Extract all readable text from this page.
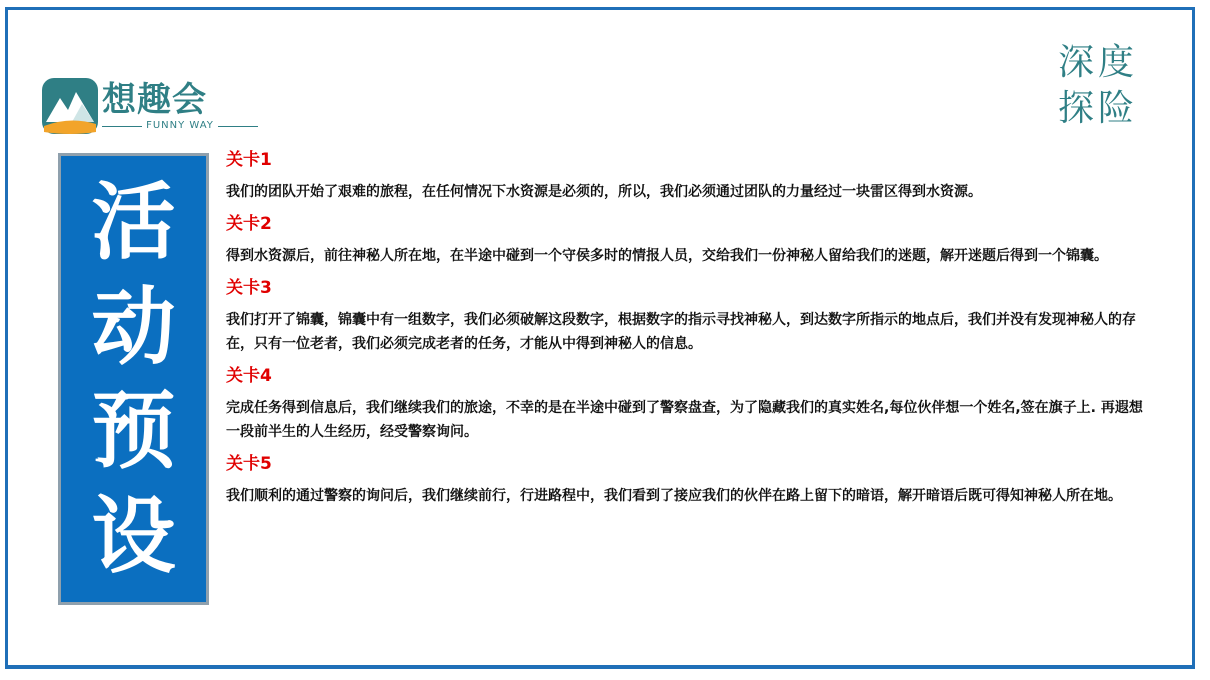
想趣会
FUNNY WAY
深度
探险
活
动
预
设
关卡1
我们的团队开始了艰难的旅程，在任何情况下水资源是必须的，所以，我们必须通过团队的力量经过一块雷区得到水资源。
关卡2
得到水资源后，前往神秘人所在地，在半途中碰到一个守侯多时的情报人员，交给我们一份神秘人留给我们的迷题，解开迷题后得到一个锦囊。
关卡3
我们打开了锦囊，锦囊中有一组数字，我们必须破解这段数字，根据数字的指示寻找神秘人，到达数字所指示的地点后，我们并没有发现神秘人的存在，只有一位老者，我们必须完成老者的任务，才能从中得到神秘人的信息。
关卡4
完成任务得到信息后，我们继续我们的旅途，不幸的是在半途中碰到了警察盘查，为了隐藏我们的真实姓名,每位伙伴想一个姓名,签在旗子上. 再遐想一段前半生的人生经历，经受警察询问。
关卡5
我们顺利的通过警察的询问后，我们继续前行，行进路程中，我们看到了接应我们的伙伴在路上留下的暗语，解开暗语后既可得知神秘人所在地。
